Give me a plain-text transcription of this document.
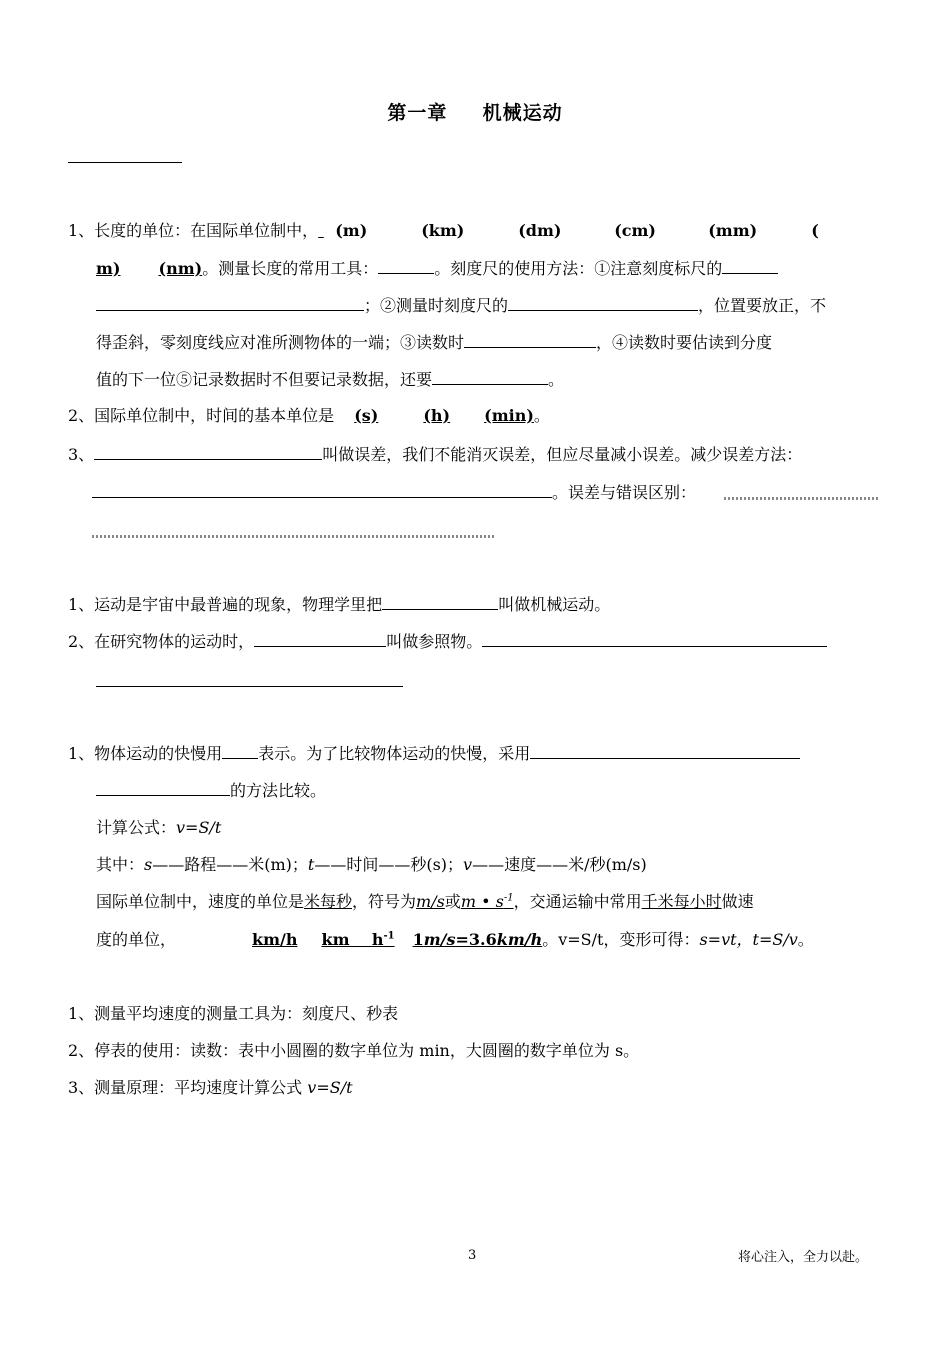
第一章 机械运动
1、长度的单位：在国际单位制中， (m)	(km)	(dm)	(cm)	(mm)	(
m) (nm)。测量长度的常用工具：	。刻度尺的使用方法：①注意刻度标尺的
；②测量时刻度尺的	，位置要放正，不
得歪斜，零刻度线应对准所测物体的一端；③读数时	，④读数时要估读到分度
值的下一位⑤记录数据时不但要记录数据，还要	。
2、国际单位制中，时间的基本单位是 (s)	(h) (min)。
3、	叫做误差，我们不能消灭误差，但应尽量减小误差。减少误差方法：
。误差与错误区别：
1、运动是宇宙中最普遍的现象，物理学里把	叫做机械运动。
2、在研究物体的运动时，	叫做参照物。
1、物体运动的快慢用 表示。为了比较物体运动的快慢，采用
的方法比较。
计算公式：v=S/t
其中：s——路程——米(m)；t——时间——秒(s)；v——速度——米/秒(m/s)
国际单位制中，速度的单位是米每秒，符号为m/s或m • $s^{-1}$，交通运输中常用千米每小时做速
度的单位，	km/h km $h^{-1}$ 1m/s=3.6km/h。v=S/t，变形可得：s=vt，t=S/v。
1、测量平均速度的测量工具为：刻度尺、秒表
2、停表的使用：读数：表中小圆圈的数字单位为 min，大圆圈的数字单位为 s。
3、测量原理：平均速度计算公式 v=S/t
3	将心注入，全力以赴。
